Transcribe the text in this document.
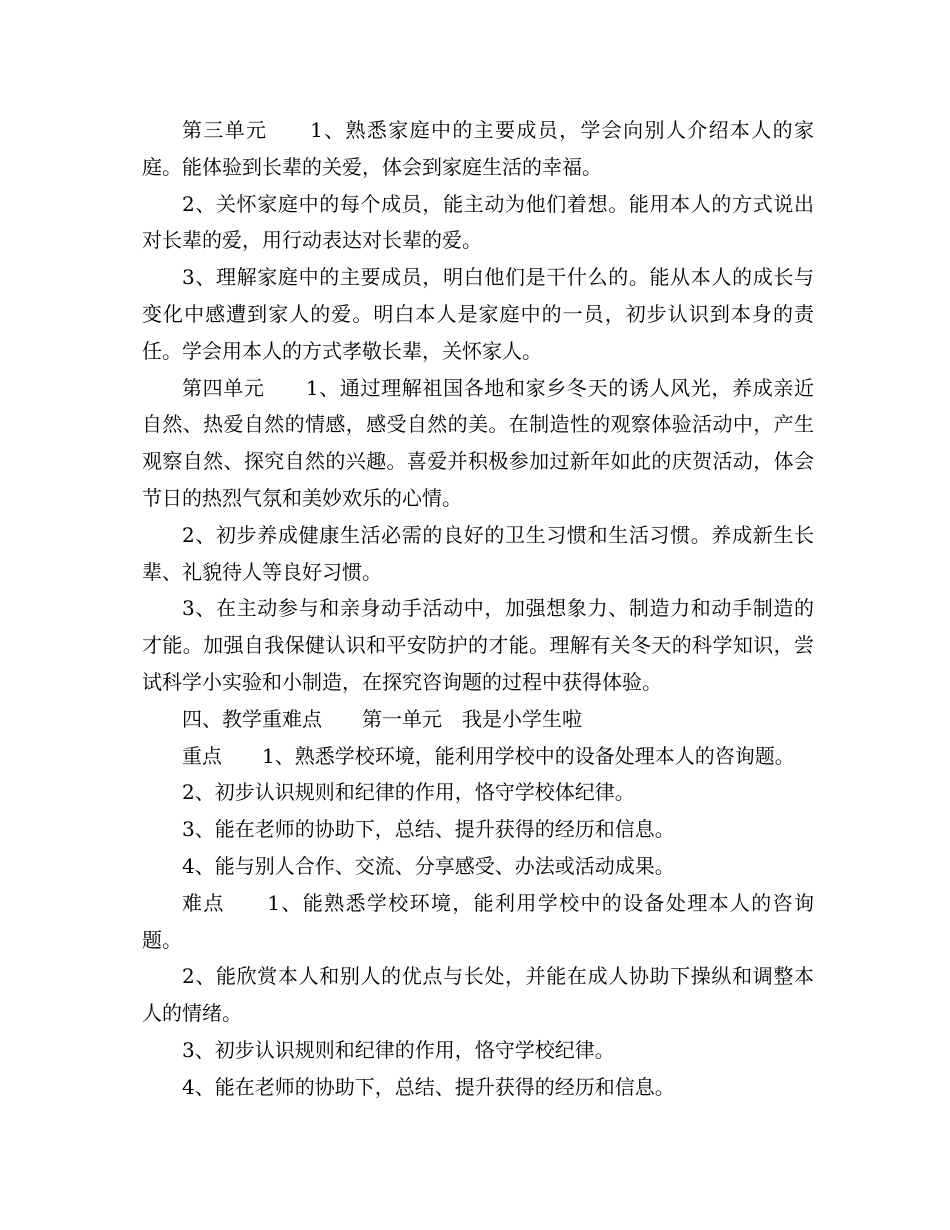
第三单元　　1、熟悉家庭中的主要成员，学会向别人介绍本人的家庭。能体验到长辈的关爱，体会到家庭生活的幸福。

2、关怀家庭中的每个成员，能主动为他们着想。能用本人的方式说出对长辈的爱，用行动表达对长辈的爱。

3、理解家庭中的主要成员，明白他们是干什么的。能从本人的成长与变化中感遭到家人的爱。明白本人是家庭中的一员，初步认识到本身的责任。学会用本人的方式孝敬长辈，关怀家人。

第四单元　　1、通过理解祖国各地和家乡冬天的诱人风光，养成亲近自然、热爱自然的情感，感受自然的美。在制造性的观察体验活动中，产生观察自然、探究自然的兴趣。喜爱并积极参加过新年如此的庆贺活动，体会节日的热烈气氛和美妙欢乐的心情。

2、初步养成健康生活必需的良好的卫生习惯和生活习惯。养成新生长辈、礼貌待人等良好习惯。

3、在主动参与和亲身动手活动中，加强想象力、制造力和动手制造的才能。加强自我保健认识和平安防护的才能。理解有关冬天的科学知识，尝试科学小实验和小制造，在探究咨询题的过程中获得体验。

四、教学重难点　　第一单元　我是小学生啦

重点　　1、熟悉学校环境，能利用学校中的设备处理本人的咨询题。

2、初步认识规则和纪律的作用，恪守学校体纪律。

3、能在老师的协助下，总结、提升获得的经历和信息。

4、能与别人合作、交流、分享感受、办法或活动成果。

难点　　1、能熟悉学校环境，能利用学校中的设备处理本人的咨询题。

2、能欣赏本人和别人的优点与长处，并能在成人协助下操纵和调整本人的情绪。

3、初步认识规则和纪律的作用，恪守学校纪律。

4、能在老师的协助下，总结、提升获得的经历和信息。
